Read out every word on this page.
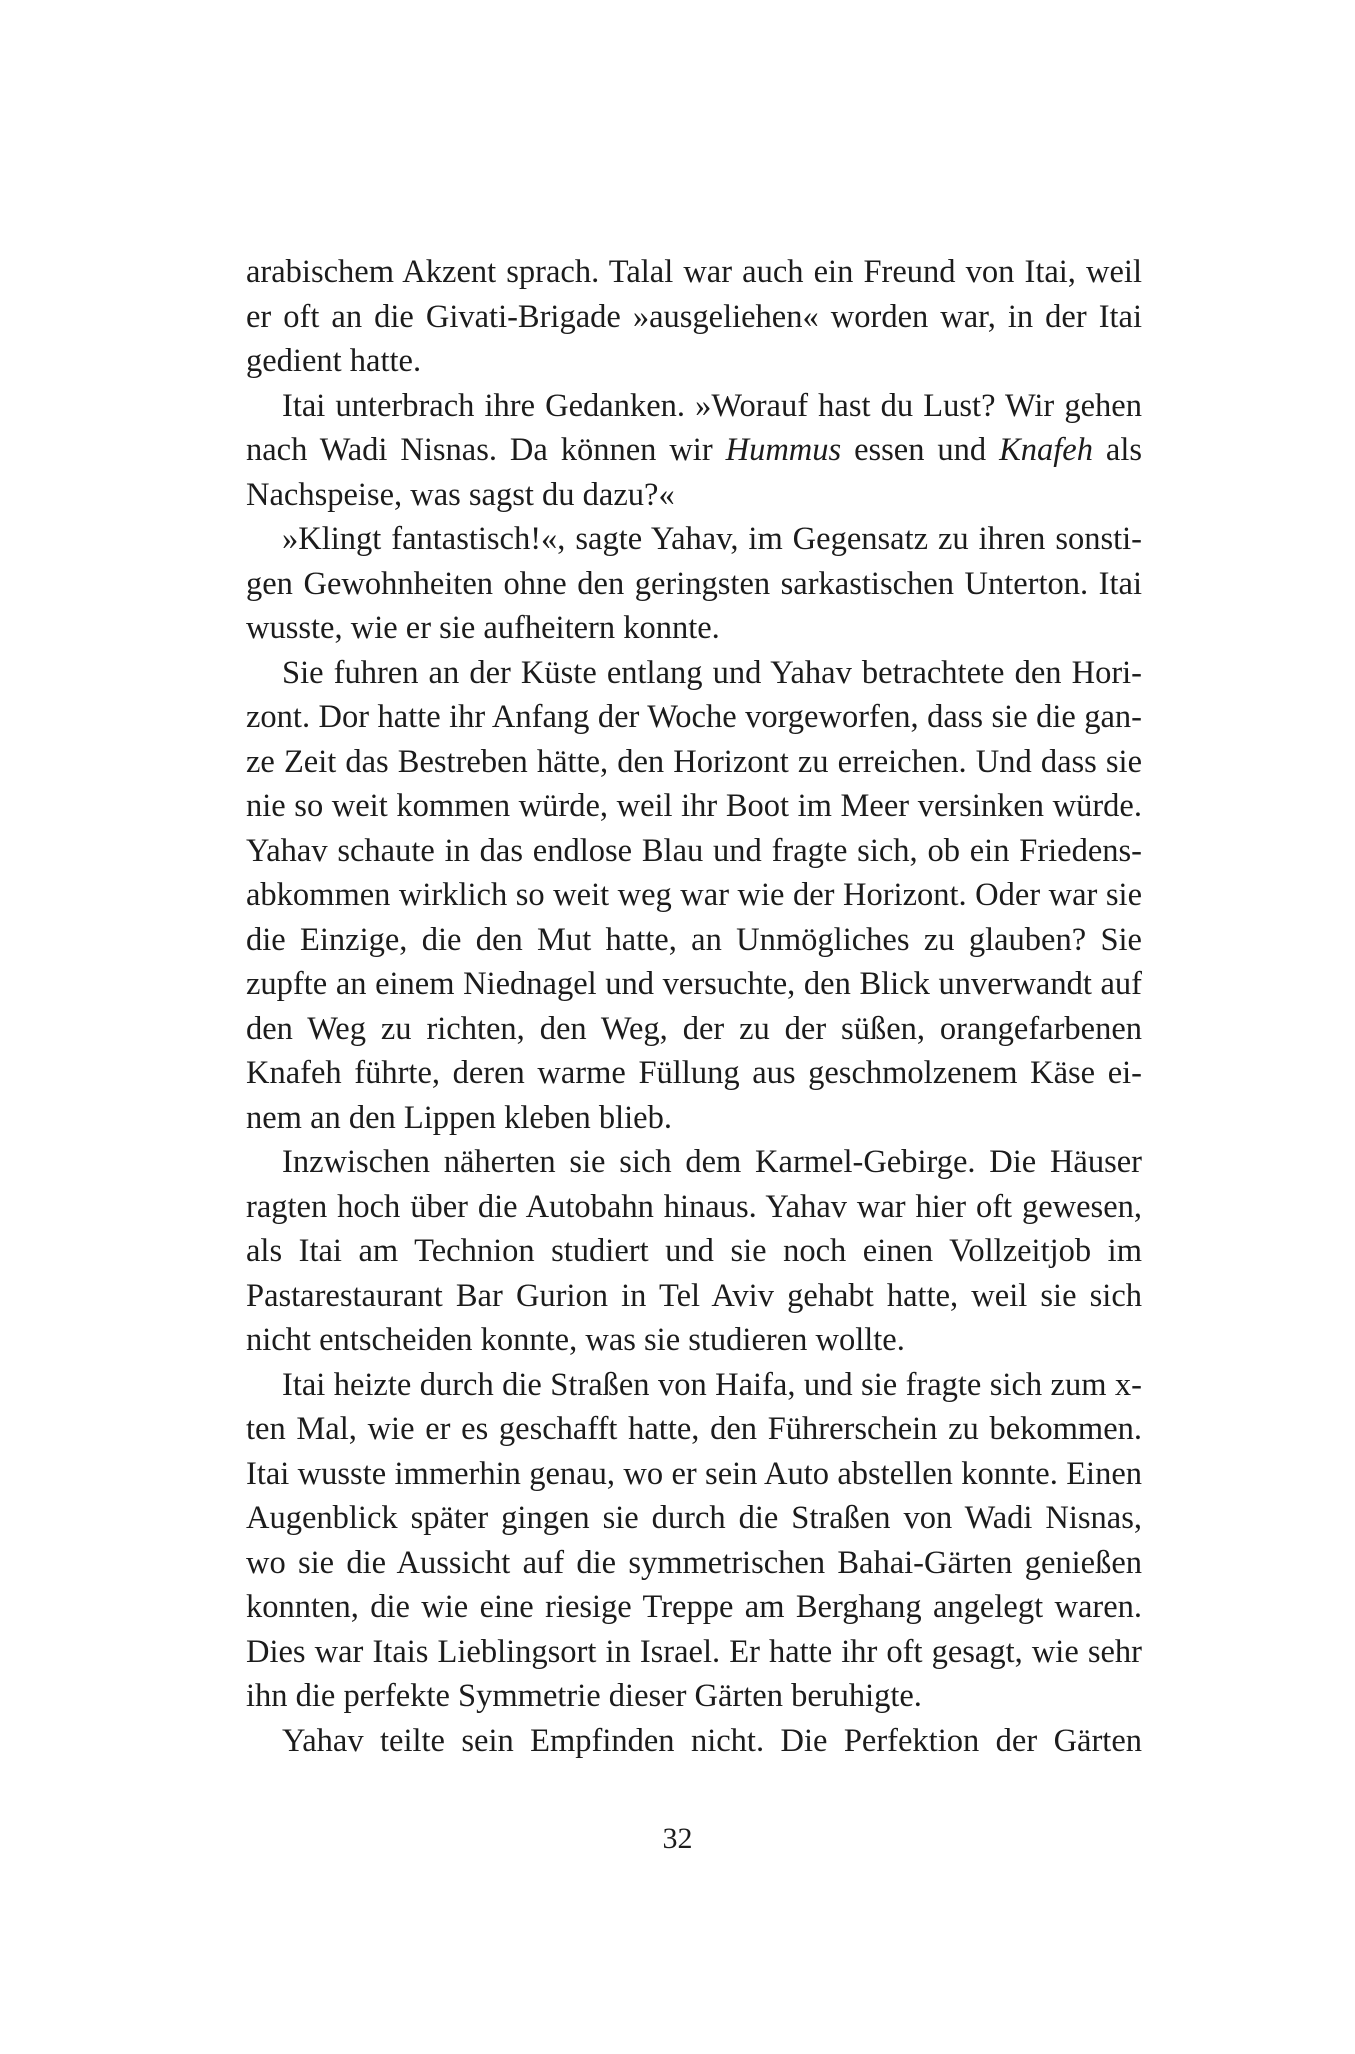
arabischem Akzent sprach. Talal war auch ein Freund von Itai, weil er oft an die Givati-Brigade »ausgeliehen« worden war, in der Itai gedient hatte.

Itai unterbrach ihre Gedanken. »Worauf hast du Lust? Wir gehen nach Wadi Nisnas. Da können wir Hummus essen und Knafeh als Nachspeise, was sagst du dazu?«

»Klingt fantastisch!«, sagte Yahav, im Gegensatz zu ihren sonstigen Gewohnheiten ohne den geringsten sarkastischen Unterton. Itai wusste, wie er sie aufheitern konnte.

Sie fuhren an der Küste entlang und Yahav betrachtete den Horizont. Dor hatte ihr Anfang der Woche vorgeworfen, dass sie die ganze Zeit das Bestreben hätte, den Horizont zu erreichen. Und dass sie nie so weit kommen würde, weil ihr Boot im Meer versinken würde. Yahav schaute in das endlose Blau und fragte sich, ob ein Friedensabkommen wirklich so weit weg war wie der Horizont. Oder war sie die Einzige, die den Mut hatte, an Unmögliches zu glauben? Sie zupfte an einem Niednagel und versuchte, den Blick unverwandt auf den Weg zu richten, den Weg, der zu der süßen, orangefarbenen Knafeh führte, deren warme Füllung aus geschmolzenem Käse einem an den Lippen kleben blieb.

Inzwischen näherten sie sich dem Karmel-Gebirge. Die Häuser ragten hoch über die Autobahn hinaus. Yahav war hier oft gewesen, als Itai am Technion studiert und sie noch einen Vollzeitjob im Pastarestaurant Bar Gurion in Tel Aviv gehabt hatte, weil sie sich nicht entscheiden konnte, was sie studieren wollte.

Itai heizte durch die Straßen von Haifa, und sie fragte sich zum x-​ten Mal, wie er es geschafft hatte, den Führerschein zu bekommen. Itai wusste immerhin genau, wo er sein Auto abstellen konnte. Einen Augenblick später gingen sie durch die Straßen von Wadi Nisnas, wo sie die Aussicht auf die symmetrischen Bahai-Gärten genießen konnten, die wie eine riesige Treppe am Berghang angelegt waren. Dies war Itais Lieblingsort in Israel. Er hatte ihr oft gesagt, wie sehr ihn die perfekte Symmetrie dieser Gärten beruhigte.

Yahav teilte sein Empfinden nicht. Die Perfektion der Gärten

32
